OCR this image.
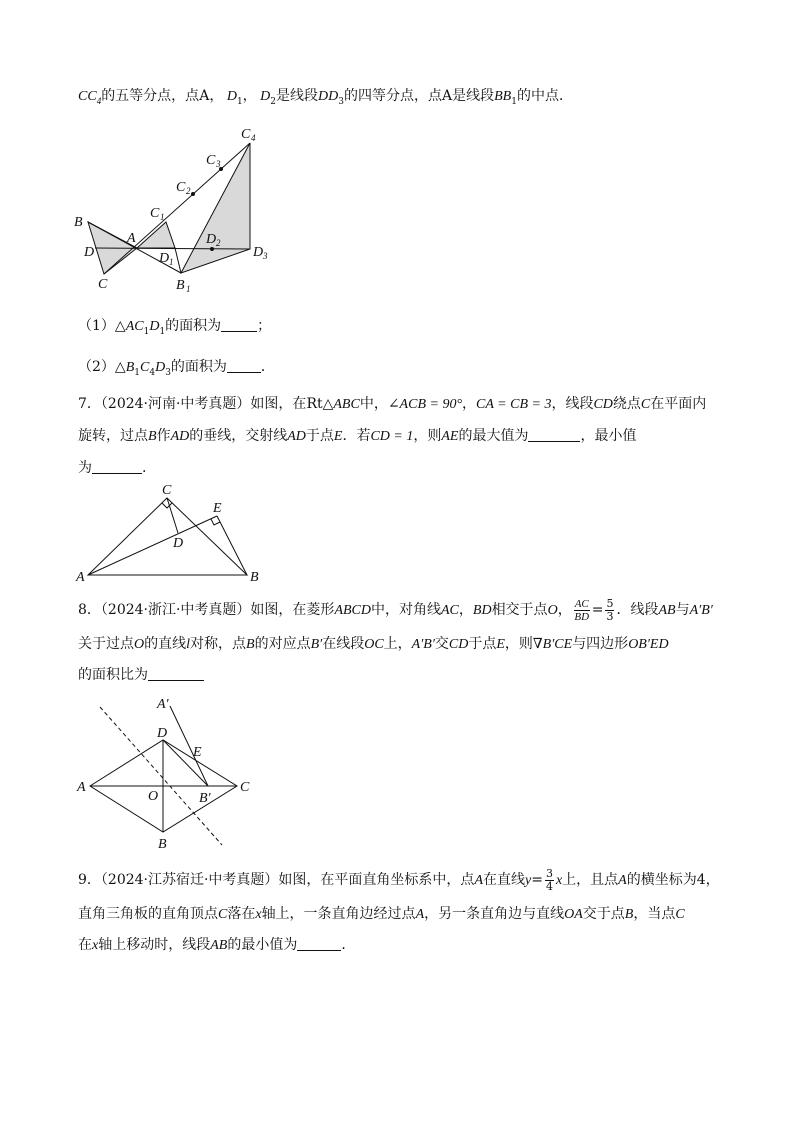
$CC_4$的五等分点，点A， $D_1$， $D_2$是线段$DD_3$的四等分点，点A是线段$BB_1$的中点．
B
D
C
A
C 1
C 2
C 3
C 4
D 1
D 2
D 3
B 1
$(1)\triangle AC_1D_1$的面积为	；
$(2)\triangle B_1C_4D_3$的面积为 ．
7．（2024·河南·中考真题）如图，在Rt△ABC中，∠ACB = 90°，CA = CB = 3，线段CD绕点C在平面内
旋转，过点B作AD的垂线，交射线AD于点E．若CD = 1，则AE的最大值为	，最小值
为	.
C
E
D
A	B
8．（2024·浙江·中考真题）如图，在菱形ABCD中，对角线AC，BD相交于点O， $\frac{AC}{BD} = \frac{5}{3}$ ．线段AB与A′B′
关于过点O的直线l对称，点B的对应点B′在线段OC上，A′B′交CD于点E，则∇B′CE与四边形OB′ED
的面积比为
A′
D
E
A
O	B′
C
B
9．（2024·江苏宿迁·中考真题）如图，在平面直角坐标系中，点A在直线$y= \frac{3}{4}$ x上，且点A的横坐标为4，
直角三角板的直角顶点C落在x轴上，一条直角边经过点A，另一条直角边与直线OA交于点B，当点C
在x轴上移动时，线段AB的最小值为	．
